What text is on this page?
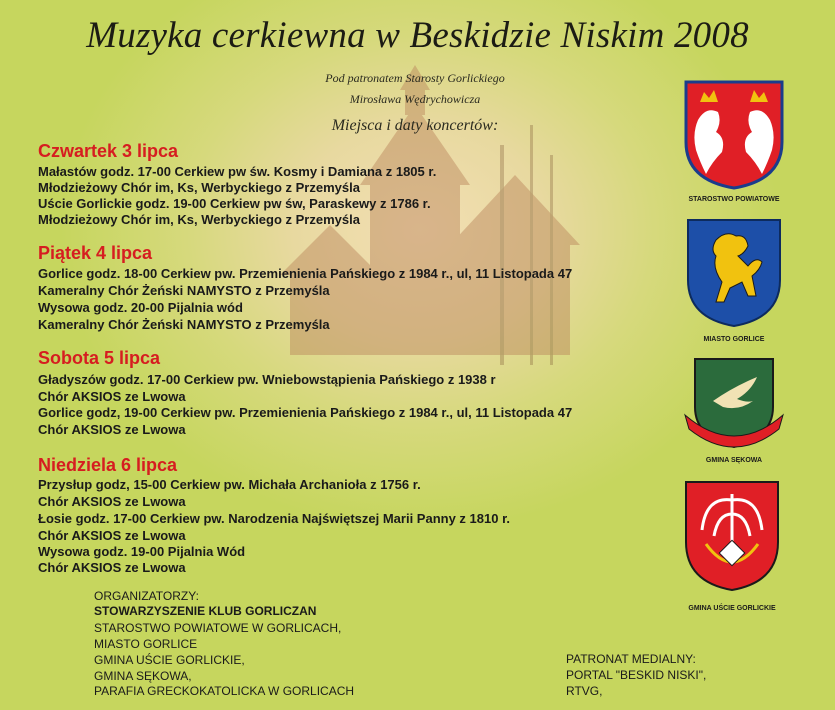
Muzyka cerkiewna w Beskidzie Niskim 2008
Pod patronatem Starosty Gorlickiego
Mirosława Wędrychowicza
Miejsca i daty koncertów:
Czwartek 3 lipca
Małastów godz. 17-00 Cerkiew pw św. Kosmy i Damiana z 1805 r.
Młodzieżowy Chór im, Ks, Werbyckiego z Przemyśla
Uście Gorlickie godz. 19-00 Cerkiew pw św, Paraskewy z 1786 r.
Młodzieżowy Chór im, Ks, Werbyckiego z Przemyśla
Piątek 4 lipca
Gorlice godz. 18-00 Cerkiew pw. Przemienienia Pańskiego z 1984 r., ul, 11 Listopada 47
Kameralny Chór Żeński NAMYSTO z Przemyśla
Wysowa godz. 20-00 Pijalnia wód
Kameralny Chór Żeński NAMYSTO z Przemyśla
Sobota 5 lipca
Gładyszów godz. 17-00 Cerkiew pw. Wniebowstąpienia Pańskiego z 1938 r
Chór AKSIOS ze Lwowa
Gorlice godz, 19-00 Cerkiew pw. Przemienienia Pańskiego z 1984 r., ul, 11 Listopada 47
Chór AKSIOS ze Lwowa
Niedziela 6 lipca
Przysłup godz, 15-00 Cerkiew pw. Michała Archanioła z 1756 r.
Chór AKSIOS ze Lwowa
Łosie godz. 17-00 Cerkiew pw. Narodzenia Najświętszej Marii Panny z 1810 r.
Chór AKSIOS ze Lwowa
Wysowa godz. 19-00 Pijalnia Wód
Chór AKSIOS ze Lwowa
ORGANIZATORZY:
STOWARZYSZENIE KLUB GORLICZAN
STAROSTWO POWIATOWE W GORLICACH,
MIASTO GORLICE
GMINA UŚCIE GORLICKIE,
GMINA SĘKOWA,
PARAFIA GRECKOKATOLICKA W GORLICACH
PATRONAT MEDIALNY:
PORTAL "BESKID NISKI",
RTVG,
STAROSTWO POWIATOWE
MIASTO GORLICE
GMINA SĘKOWA
GMINA UŚCIE GORLICKIE
